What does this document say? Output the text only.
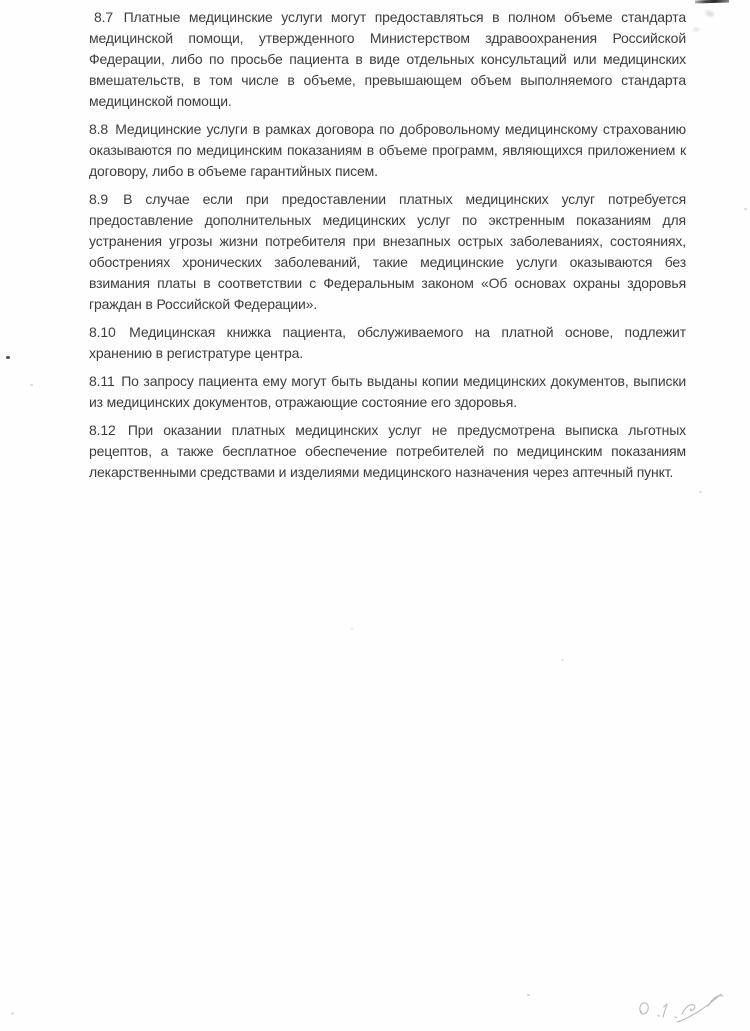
8.7 Платные медицинские услуги могут предоставляться в полном объеме стандарта медицинской помощи, утвержденного Министерством здравоохранения Российской Федерации, либо по просьбе пациента в виде отдельных консультаций или медицинских вмешательств, в том числе в объеме, превышающем объем выполняемого стандарта медицинской помощи.

8.8 Медицинские услуги в рамках договора по добровольному медицинскому страхованию оказываются по медицинским показаниям в объеме программ, являющихся приложением к договору, либо в объеме гарантийных писем.

8.9 В случае если при предоставлении платных медицинских услуг потребуется предоставление дополнительных медицинских услуг по экстренным показаниям для устранения угрозы жизни потребителя при внезапных острых заболеваниях, состояниях, обострениях хронических заболеваний, такие медицинские услуги оказываются без взимания платы в соответствии с Федеральным законом «Об основах охраны здоровья граждан в Российской Федерации».

8.10 Медицинская книжка пациента, обслуживаемого на платной основе, подлежит хранению в регистратуре центра.

8.11 По запросу пациента ему могут быть выданы копии медицинских документов, выписки из медицинских документов, отражающие состояние его здоровья.

8.12 При оказании платных медицинских услуг не предусмотрена выписка льготных рецептов, а также бесплатное обеспечение потребителей по медицинским показаниям лекарственными средствами и изделиями медицинского назначения через аптечный пункт.
